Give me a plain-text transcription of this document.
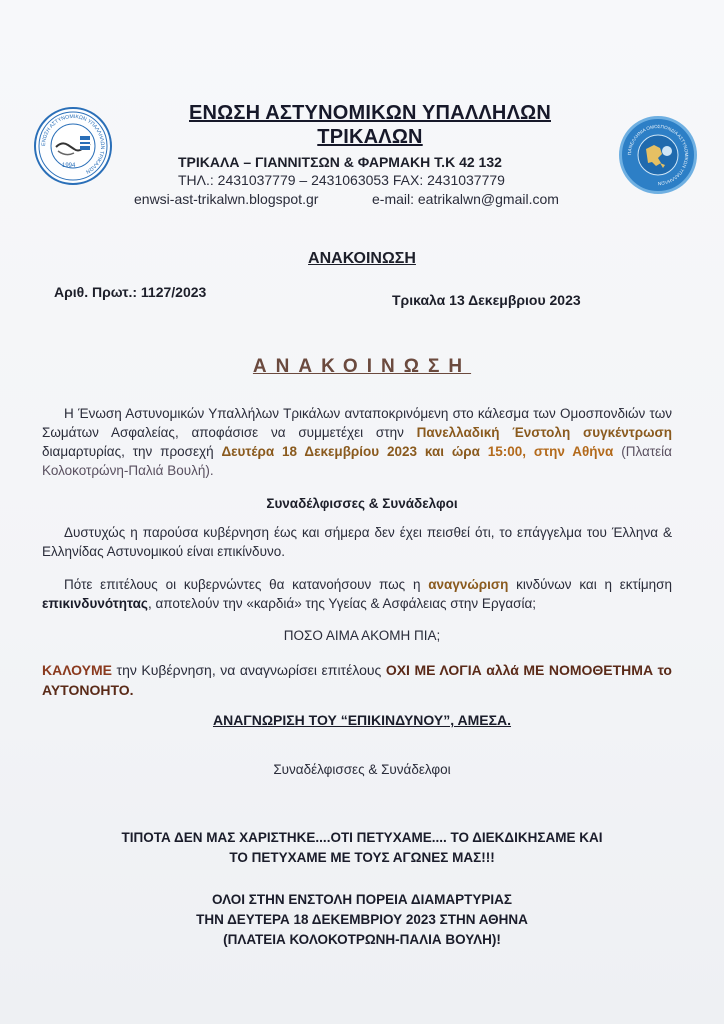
ΕΝΩΣΗ ΑΣΤΥΝΟΜΙΚΩΝ ΥΠΑΛΛΗΛΩΝ ΤΡΙΚΑΛΩΝ
1994
ΠΑΝΕΛΛΗΝΙΑ ΟΜΟΣΠΟΝΔΙΑ ΑΣΤΥΝΟΜΙΚΩΝ ΥΠΑΛΛΗΛΩΝ
ΕΝΩΣΗ ΑΣΤΥΝΟΜΙΚΩΝ ΥΠΑΛΛΗΛΩΝ
ΤΡΙΚΑΛΩΝ
ΤΡΙΚΑΛΑ – ΓΙΑΝΝΙΤΣΩΝ & ΦΑΡΜΑΚΗ Τ.Κ 42 132
ΤΗΛ.: 2431037779 – 2431063053 FAX: 2431037779
enwsi-ast-trikalwn.blogspot.gr	e-mail: eatrikalwn@gmail.com
ΑΝΑΚΟΙΝΩΣΗ
Αριθ. Πρωτ.: 1127/2023	Τρικαλα 13 Δεκεμβριου 2023
ΑΝΑΚΟΙΝΩΣΗ
Η Ένωση Αστυνομικών Υπαλλήλων Τρικάλων ανταποκρινόμενη στο κάλεσμα των Ομοσπονδιών των Σωμάτων Ασφαλείας, αποφάσισε να συμμετέχει στην Πανελλαδική Ένστολη συγκέντρωση διαμαρτυρίας, την προσεχή Δευτέρα 18 Δεκεμβρίου 2023 και ώρα 15:00, στην Αθήνα (Πλατεία Κολοκοτρώνη-Παλιά Βουλή).
Συναδέλφισσες & Συνάδελφοι
Δυστυχώς η παρούσα κυβέρνηση έως και σήμερα δεν έχει πεισθεί ότι, το επάγγελμα του Έλληνα & Ελληνίδας Αστυνομικού είναι επικίνδυνο.
Πότε επιτέλους οι κυβερνώντες θα κατανοήσουν πως η αναγνώριση κινδύνων και η εκτίμηση επικινδυνότητας, αποτελούν την «καρδιά» της Υγείας & Ασφάλειας στην Εργασία;
ΠΟΣΟ ΑΙΜΑ ΑΚΟΜΗ ΠΙΑ;
ΚΑΛΟΥΜΕ την Κυβέρνηση, να αναγνωρίσει επιτέλους ΟΧΙ ΜΕ ΛΟΓΙΑ αλλά ΜΕ ΝΟΜΟΘΕΤΗΜΑ το ΑΥΤΟΝΟΗΤΟ.
ΑΝΑΓΝΩΡΙΣΗ ΤΟΥ “ΕΠΙΚΙΝΔΥΝΟΥ”, ΑΜΕΣΑ.
Συναδέλφισσες & Συνάδελφοι
ΤΙΠΟΤΑ ΔΕΝ ΜΑΣ ΧΑΡΙΣΤΗΚΕ....ΟΤΙ ΠΕΤΥΧΑΜΕ.... ΤΟ ΔΙΕΚΔΙΚΗΣΑΜΕ ΚΑΙ
ΤΟ ΠΕΤΥΧΑΜΕ ΜΕ ΤΟΥΣ ΑΓΩΝΕΣ ΜΑΣ!!!
ΟΛΟΙ ΣΤΗΝ ΕΝΣΤΟΛΗ ΠΟΡΕΙΑ ΔΙΑΜΑΡΤΥΡΙΑΣ
ΤΗΝ ΔΕΥΤΕΡΑ 18 ΔΕΚΕΜΒΡΙΟΥ 2023 ΣΤΗΝ ΑΘΗΝΑ
(ΠΛΑΤΕΙΑ ΚΟΛΟΚΟΤΡΩΝΗ-ΠΑΛΙΑ ΒΟΥΛΗ)!
